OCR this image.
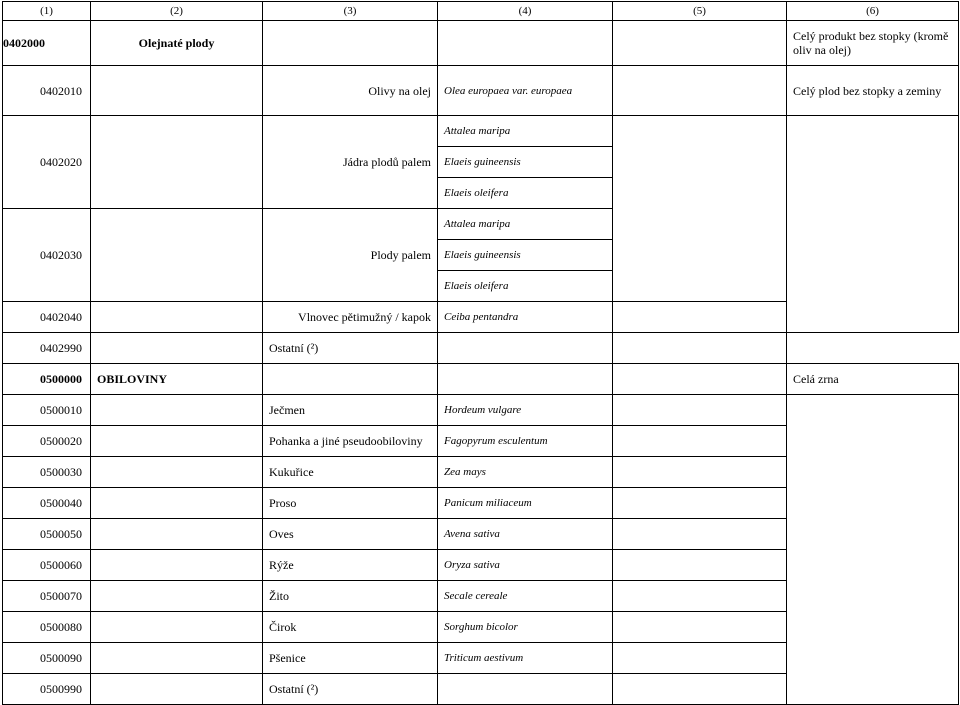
(1)	(2)	(3)	(4)	(5)	(6)
0402000	Olejnaté plody				Celý produkt bez stopky (kromě oliv na olej)
0402010		Olivy na olej	Olea europaea var. europaea		Celý plod bez stopky a zeminy
0402020		Jádra plodů palem	Attalea maripa		
			Elaeis guineensis		
			Elaeis oleifera		
0402030		Plody palem	Attalea maripa		
			Elaeis guineensis		
			Elaeis oleifera		
0402040		Vlnovec pětimužný / kapok	Ceiba pentandra		
0402990		Ostatní (²)			
0500000	OBILOVINY				Celá zrna
0500010		Ječmen	Hordeum vulgare		
0500020		Pohanka a jiné pseudoobiloviny	Fagopyrum esculentum		
0500030		Kukuřice	Zea mays		
0500040		Proso	Panicum miliaceum		
0500050		Oves	Avena sativa		
0500060		Rýže	Oryza sativa		
0500070		Žito	Secale cereale		
0500080		Čirok	Sorghum bicolor		
0500090		Pšenice	Triticum aestivum		
0500990		Ostatní (²)			
